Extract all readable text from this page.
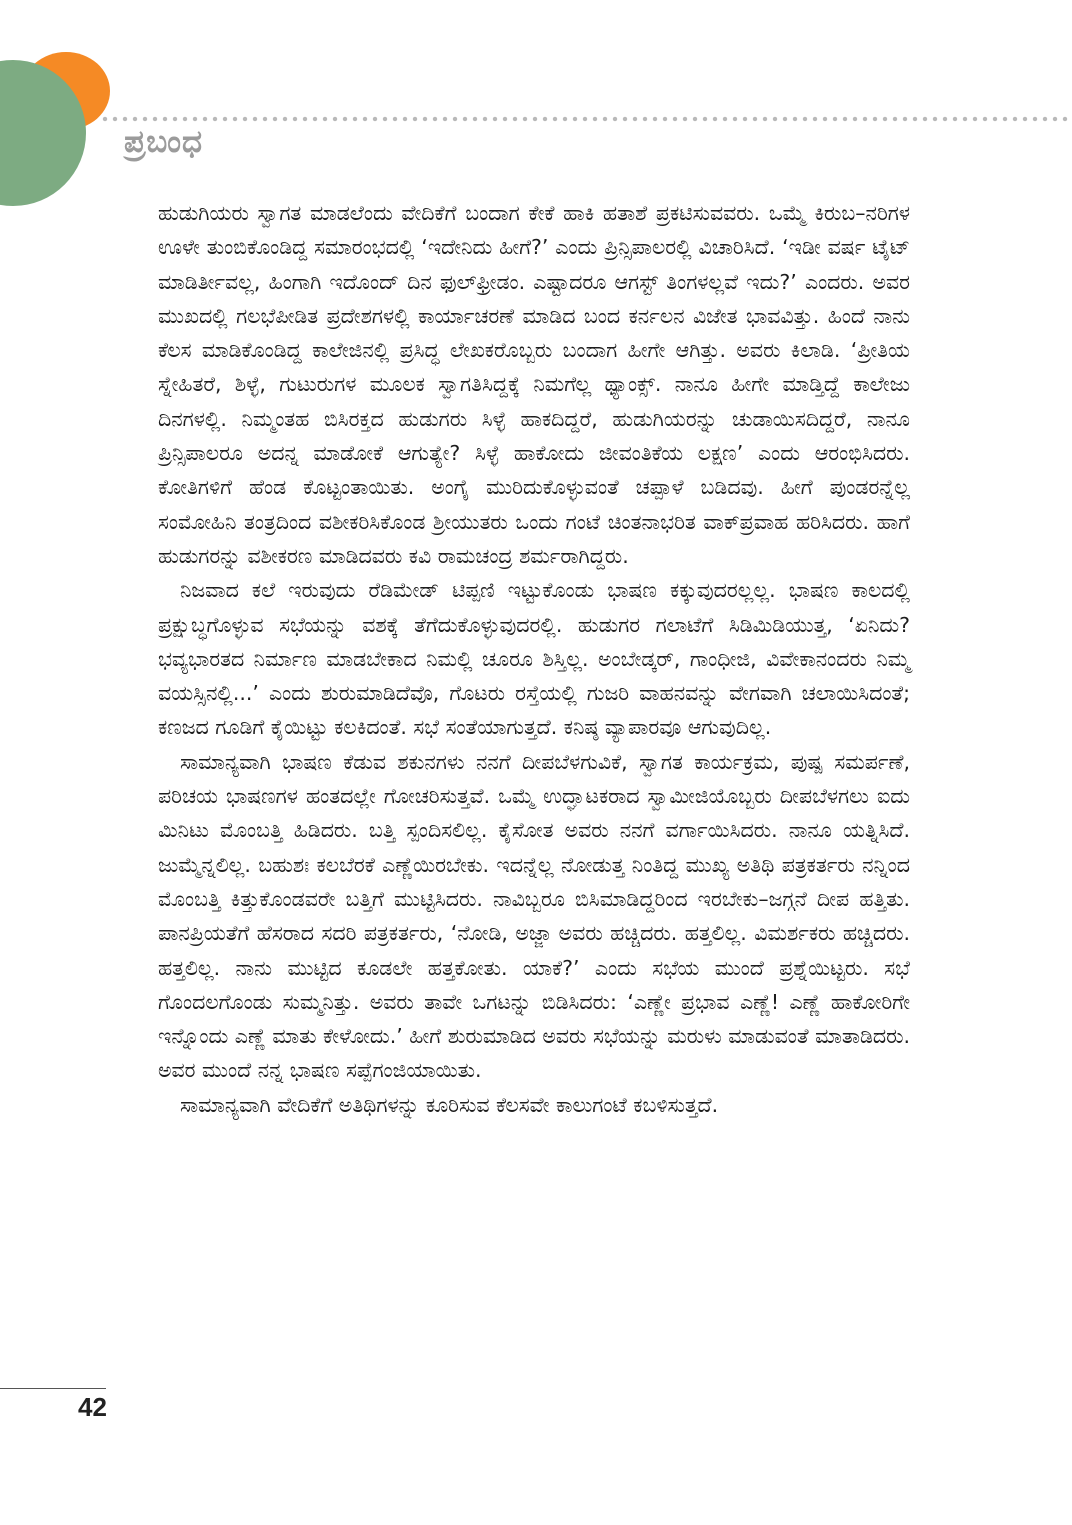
ಪ್ರಬಂಧ

ಹುಡುಗಿಯರು ಸ್ವಾಗತ ಮಾಡಲೆಂದು ವೇದಿಕೆಗೆ ಬಂದಾಗ ಕೇಕೆ ಹಾಕಿ ಹತಾಶೆ ಪ್ರಕಟಿಸುವವರು. ಒಮ್ಮೆ ಕಿರುಬ–ನರಿಗಳ ಊಳೇ ತುಂಬಿಕೊಂಡಿದ್ದ ಸಮಾರಂಭದಲ್ಲಿ ‘ಇದೇನಿದು ಹೀಗೆ?’ ಎಂದು ಪ್ರಿನ್ಸಿಪಾಲರಲ್ಲಿ ವಿಚಾರಿಸಿದೆ. ‘ಇಡೀ ವರ್ಷ ಟೈಟ್ ಮಾಡಿರ್ತೀವಲ್ಲ, ಹಿಂಗಾಗಿ ಇದೊಂದ್ ದಿನ ಫುಲ್‌ಫ್ರೀಡಂ. ಎಷ್ಟಾದರೂ ಆಗಸ್ಟ್ ತಿಂಗಳಲ್ಲವೆ ಇದು?’ ಎಂದರು. ಅವರ ಮುಖದಲ್ಲಿ ಗಲಭೆಪೀಡಿತ ಪ್ರದೇಶಗಳಲ್ಲಿ ಕಾರ್ಯಾಚರಣೆ ಮಾಡಿದ ಬಂದ ಕರ್ನಲನ ವಿಜೇತ ಭಾವವಿತ್ತು. ಹಿಂದೆ ನಾನು ಕೆಲಸ ಮಾಡಿಕೊಂಡಿದ್ದ ಕಾಲೇಜಿನಲ್ಲಿ ಪ್ರಸಿದ್ಧ ಲೇಖಕರೊಬ್ಬರು ಬಂದಾಗ ಹೀಗೇ ಆಗಿತ್ತು. ಅವರು ಕಿಲಾಡಿ. ‘ಪ್ರೀತಿಯ ಸ್ನೇಹಿತರೆ, ಶಿಳ್ಳೆ, ಗುಟುರುಗಳ ಮೂಲಕ ಸ್ವಾಗತಿಸಿದ್ದಕ್ಕೆ ನಿಮಗೆಲ್ಲ ಥ್ಯಾಂಕ್ಸ್. ನಾನೂ ಹೀಗೇ ಮಾಡ್ತಿದ್ದೆ ಕಾಲೇಜು ದಿನಗಳಲ್ಲಿ. ನಿಮ್ಮಂತಹ ಬಿಸಿರಕ್ತದ ಹುಡುಗರು ಸಿಳ್ಳೆ ಹಾಕದಿದ್ದರೆ, ಹುಡುಗಿಯರನ್ನು ಚುಡಾಯಿಸದಿದ್ದರೆ, ನಾನೂ ಪ್ರಿನ್ಸಿಪಾಲರೂ ಅದನ್ನ ಮಾಡೋಕೆ ಆಗುತ್ಯೇ? ಸಿಳ್ಳೆ ಹಾಕೋದು ಜೀವಂತಿಕೆಯ ಲಕ್ಷಣ’ ಎಂದು ಆರಂಭಿಸಿದರು. ಕೋತಿಗಳಿಗೆ ಹೆಂಡ ಕೊಟ್ಟಂತಾಯಿತು. ಅಂಗೈ ಮುರಿದುಕೊಳ್ಳುವಂತೆ ಚಪ್ಪಾಳೆ ಬಡಿದವು. ಹೀಗೆ ಪುಂಡರನ್ನೆಲ್ಲ ಸಂಮೋಹಿನಿ ತಂತ್ರದಿಂದ ವಶೀಕರಿಸಿಕೊಂಡ ಶ್ರೀಯುತರು ಒಂದು ಗಂಟೆ ಚಿಂತನಾಭರಿತ ವಾಕ್‌ಪ್ರವಾಹ ಹರಿಸಿದರು. ಹಾಗೆ ಹುಡುಗರನ್ನು ವಶೀಕರಣ ಮಾಡಿದವರು ಕವಿ ರಾಮಚಂದ್ರ ಶರ್ಮರಾಗಿದ್ದರು.

ನಿಜವಾದ ಕಲೆ ಇರುವುದು ರೆಡಿಮೇಡ್ ಟಿಪ್ಪಣಿ ಇಟ್ಟುಕೊಂಡು ಭಾಷಣ ಕಕ್ಕುವುದರಲ್ಲಲ್ಲ. ಭಾಷಣ ಕಾಲದಲ್ಲಿ ಪ್ರಕ್ಷುಬ್ಧಗೊಳ್ಳುವ ಸಭೆಯನ್ನು ವಶಕ್ಕೆ ತೆಗೆದುಕೊಳ್ಳುವುದರಲ್ಲಿ. ಹುಡುಗರ ಗಲಾಟೆಗೆ ಸಿಡಿಮಿಡಿಯುತ್ತ, ‘ಏನಿದು? ಭವ್ಯಭಾರತದ ನಿರ್ಮಾಣ ಮಾಡಬೇಕಾದ ನಿಮಲ್ಲಿ ಚೂರೂ ಶಿಸ್ತಿಲ್ಲ. ಅಂಬೇಡ್ಕರ್, ಗಾಂಧೀಜಿ, ವಿವೇಕಾನಂದರು ನಿಮ್ಮ ವಯಸ್ಸಿನಲ್ಲಿ...’ ಎಂದು ಶುರುಮಾಡಿದೆವೊ, ಗೊಟರು ರಸ್ತೆಯಲ್ಲಿ ಗುಜರಿ ವಾಹನವನ್ನು ವೇಗವಾಗಿ ಚಲಾಯಿಸಿದಂತೆ; ಕಣಜದ ಗೂಡಿಗೆ ಕೈಯಿಟ್ಟು ಕಲಕಿದಂತೆ. ಸಭೆ ಸಂತೆಯಾಗುತ್ತದೆ. ಕನಿಷ್ಠ ವ್ಯಾಪಾರವೂ ಆಗುವುದಿಲ್ಲ.

ಸಾಮಾನ್ಯವಾಗಿ ಭಾಷಣ ಕೆಡುವ ಶಕುನಗಳು ನನಗೆ ದೀಪಬೆಳಗುವಿಕೆ, ಸ್ವಾಗತ ಕಾರ್ಯಕ್ರಮ, ಪುಷ್ಪ ಸಮರ್ಪಣೆ, ಪರಿಚಯ ಭಾಷಣಗಳ ಹಂತದಲ್ಲೇ ಗೋಚರಿಸುತ್ತವೆ. ಒಮ್ಮೆ ಉದ್ಘಾಟಕರಾದ ಸ್ವಾಮೀಜಿಯೊಬ್ಬರು ದೀಪಬೆಳಗಲು ಐದು ಮಿನಿಟು ಮೊಂಬತ್ತಿ ಹಿಡಿದರು. ಬತ್ತಿ ಸ್ಪಂದಿಸಲಿಲ್ಲ. ಕೈಸೋತ ಅವರು ನನಗೆ ವರ್ಗಾಯಿಸಿದರು. ನಾನೂ ಯತ್ನಿಸಿದೆ. ಜುಮ್ಮೆನ್ನಲಿಲ್ಲ. ಬಹುಶಃ ಕಲಬೆರಕೆ ಎಣ್ಣೆಯಿರಬೇಕು. ಇದನ್ನೆಲ್ಲ ನೋಡುತ್ತ ನಿಂತಿದ್ದ ಮುಖ್ಯ ಅತಿಥಿ ಪತ್ರಕರ್ತರು ನನ್ನಿಂದ ಮೊಂಬತ್ತಿ ಕಿತ್ತುಕೊಂಡವರೇ ಬತ್ತಿಗೆ ಮುಟ್ಟಿಸಿದರು. ನಾವಿಬ್ಬರೂ ಬಿಸಿಮಾಡಿದ್ದರಿಂದ ಇರಬೇಕು–ಜಗ್ಗನೆ ದೀಪ ಹತ್ತಿತು. ಪಾನಪ್ರಿಯತೆಗೆ ಹೆಸರಾದ ಸದರಿ ಪತ್ರಕರ್ತರು, ‘ನೋಡಿ, ಅಜ್ಜಾ ಅವರು ಹಚ್ಚಿದರು. ಹತ್ತಲಿಲ್ಲ. ವಿಮರ್ಶಕರು ಹಚ್ಚಿದರು. ಹತ್ತಲಿಲ್ಲ. ನಾನು ಮುಟ್ಟಿದ ಕೂಡಲೇ ಹತ್ತಕೋತು. ಯಾಕೆ?’ ಎಂದು ಸಭೆಯ ಮುಂದೆ ಪ್ರಶ್ನೆಯಿಟ್ಟರು. ಸಭೆ ಗೊಂದಲಗೊಂಡು ಸುಮ್ಮನಿತ್ತು. ಅವರು ತಾವೇ ಒಗಟನ್ನು ಬಿಡಿಸಿದರು: ‘ಎಣ್ಣೇ ಪ್ರಭಾವ ಎಣ್ಣೆ! ಎಣ್ಣೆ ಹಾಕೋರಿಗೇ ಇನ್ನೊಂದು ಎಣ್ಣೆ ಮಾತು ಕೇಳೋದು.’ ಹೀಗೆ ಶುರುಮಾಡಿದ ಅವರು ಸಭೆಯನ್ನು ಮರುಳು ಮಾಡುವಂತೆ ಮಾತಾಡಿದರು. ಅವರ ಮುಂದೆ ನನ್ನ ಭಾಷಣ ಸಪ್ಪೆಗಂಜಿಯಾಯಿತು.

ಸಾಮಾನ್ಯವಾಗಿ ವೇದಿಕೆಗೆ ಅತಿಥಿಗಳನ್ನು ಕೂರಿಸುವ ಕೆಲಸವೇ ಕಾಲುಗಂಟೆ ಕಬಳಿಸುತ್ತದೆ.

42
